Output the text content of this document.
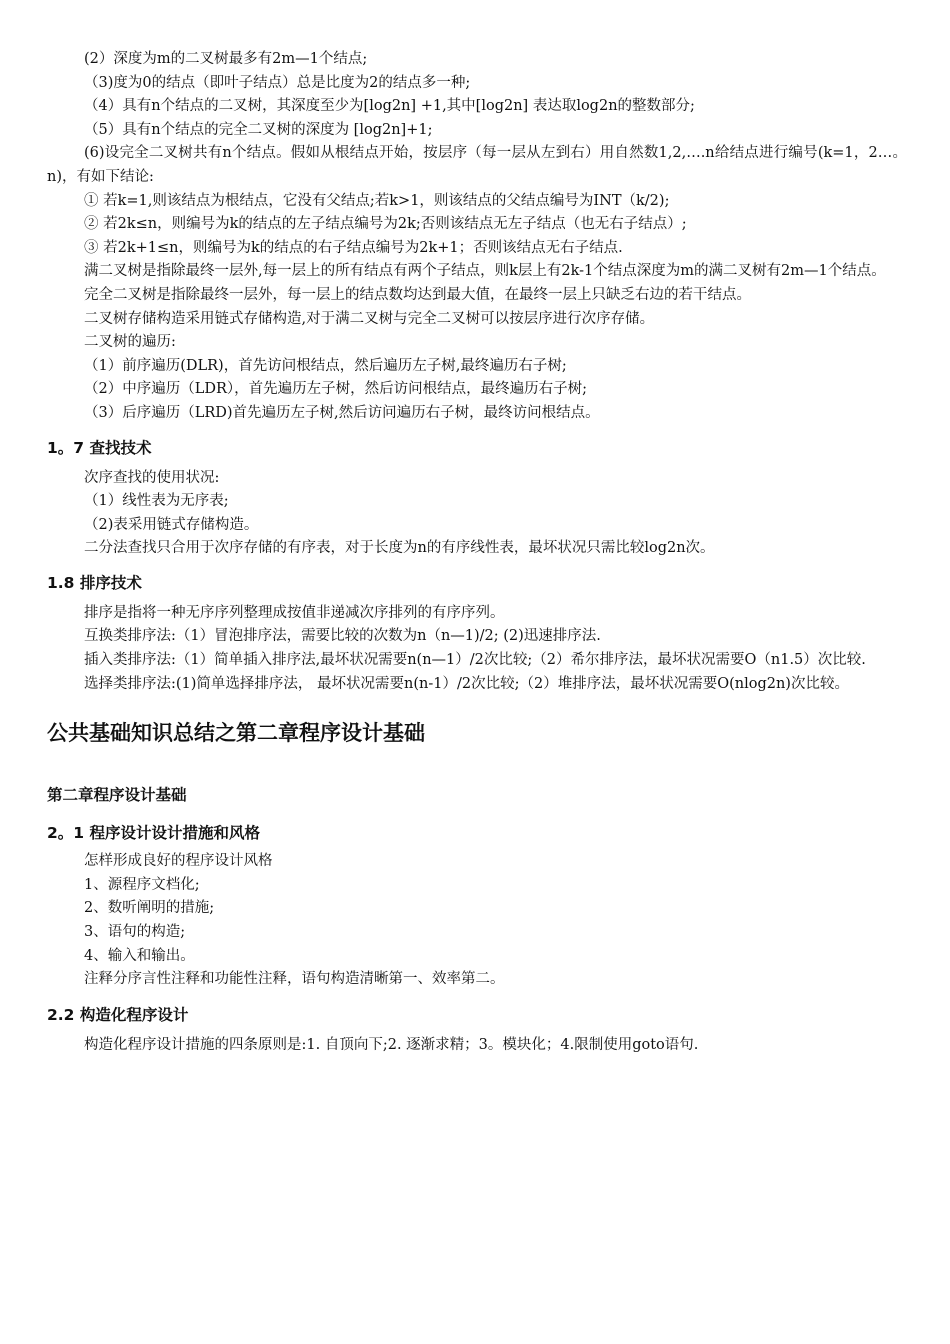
(2）深度为m的二叉树最多有2m—1个结点;

（3)度为0的结点（即叶子结点）总是比度为2的结点多一种;

（4）具有n个结点的二叉树，其深度至少为[log2n] +1,其中[log2n] 表达取log2n的整数部分;

（5）具有n个结点的完全二叉树的深度为 [log2n]+1;

(6)设完全二叉树共有n个结点。假如从根结点开始，按层序（每一层从左到右）用自然数1,2,….n给结点进行编号(k=1，2…。n)，有如下结论:

① 若k=1,则该结点为根结点，它没有父结点;若k>1，则该结点的父结点编号为INT（k/2);

② 若2k≤n，则编号为k的结点的左子结点编号为2k;否则该结点无左子结点（也无右子结点）;

③ 若2k+1≤n，则编号为k的结点的右子结点编号为2k+1；否则该结点无右子结点.

满二叉树是指除最终一层外,每一层上的所有结点有两个子结点，则k层上有2k-1个结点深度为m的满二叉树有2m—1个结点。

完全二叉树是指除最终一层外，每一层上的结点数均达到最大值，在最终一层上只缺乏右边的若干结点。

二叉树存储构造采用链式存储构造,对于满二叉树与完全二叉树可以按层序进行次序存储。

二叉树的遍历:

（1）前序遍历(DLR)，首先访问根结点，然后遍历左子树,最终遍历右子树;

（2）中序遍历（LDR），首先遍历左子树，然后访问根结点，最终遍历右子树;

（3）后序遍历（LRD)首先遍历左子树,然后访问遍历右子树，最终访问根结点。

1。7 查找技术

次序查找的使用状况:

（1）线性表为无序表;

（2)表采用链式存储构造。

二分法查找只合用于次序存储的有序表，对于长度为n的有序线性表，最坏状况只需比较log2n次。

1.8 排序技术

排序是指将一种无序序列整理成按值非递减次序排列的有序序列。

互换类排序法:（1）冒泡排序法，需要比较的次数为n（n—1)/2; (2)迅速排序法.

插入类排序法:（1）简单插入排序法,最坏状况需要n(n—1）/2次比较;（2）希尔排序法，最坏状况需要O（n1.5）次比较.

选择类排序法:(1)简单选择排序法， 最坏状况需要n(n-1）/2次比较;（2）堆排序法，最坏状况需要O(nlog2n)次比较。

公共基础知识总结之第二章程序设计基础

第二章程序设计基础

2。1 程序设计设计措施和风格

怎样形成良好的程序设计风格

1、源程序文档化;

2、数听阐明的措施;

3、语句的构造;

4、输入和输出。

注释分序言性注释和功能性注释，语句构造清晰第一、效率第二。

2.2 构造化程序设计

构造化程序设计措施的四条原则是:1. 自顶向下;2. 逐渐求精；3。模块化；4.限制使用goto语句.
